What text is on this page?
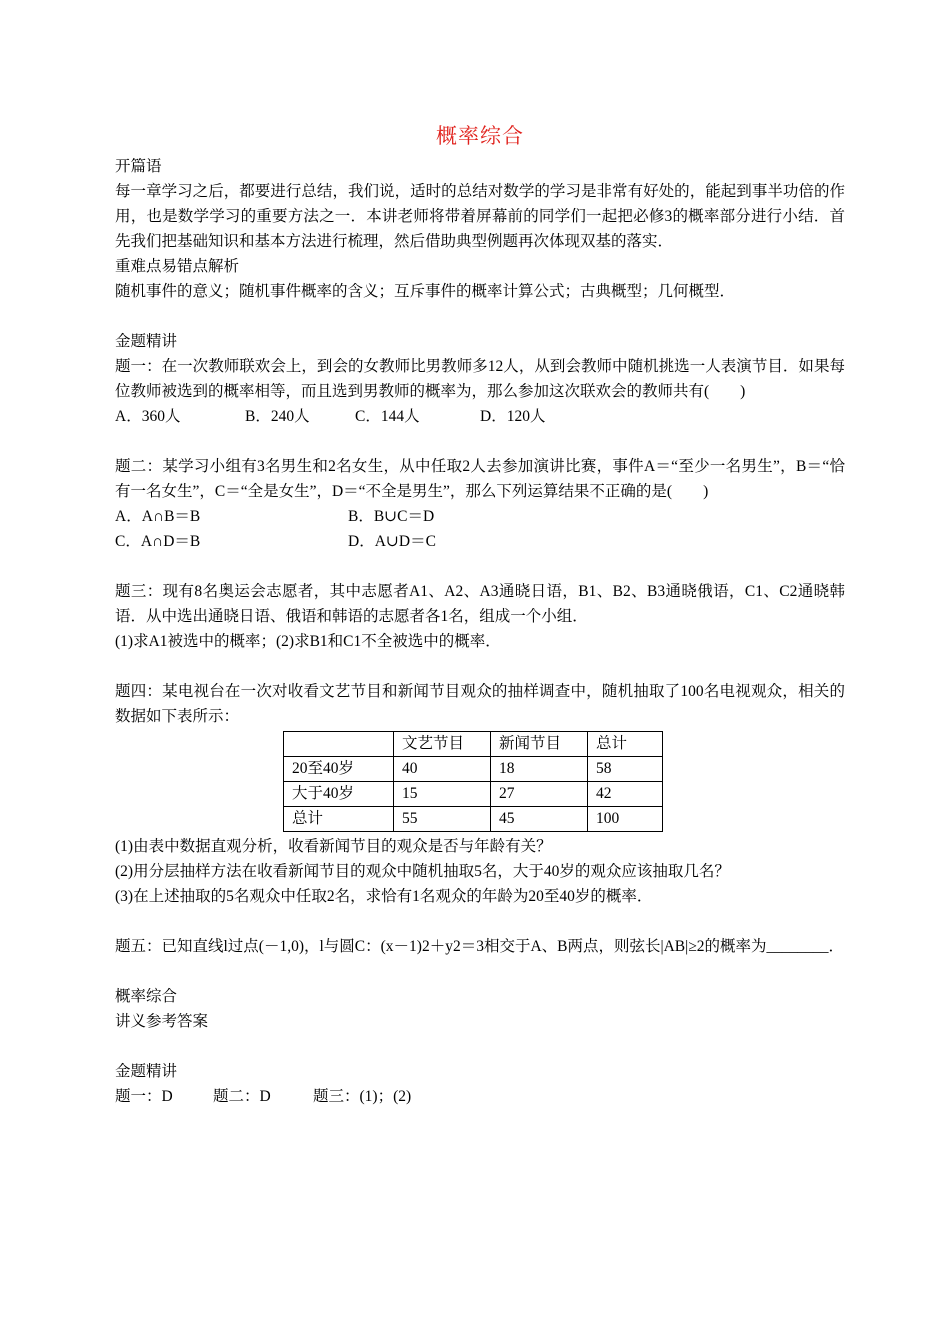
概率综合

开篇语

每一章学习之后，都要进行总结，我们说，适时的总结对数学的学习是非常有好处的，能起到事半功倍的作用，也是数学学习的重要方法之一．本讲老师将带着屏幕前的同学们一起把必修3的概率部分进行小结．首先我们把基础知识和基本方法进行梳理，然后借助典型例题再次体现双基的落实．

重难点易错点解析

随机事件的意义；随机事件概率的含义；互斥事件的概率计算公式；古典概型；几何概型．

金题精讲

题一：在一次教师联欢会上，到会的女教师比男教师多12人，从到会教师中随机挑选一人表演节目．如果每位教师被选到的概率相等，而且选到男教师的概率为，那么参加这次联欢会的教师共有(　　)

A．360人	B．240人	C．144人	D．120人

题二：某学习小组有3名男生和2名女生，从中任取2人去参加演讲比赛，事件A＝“至少一名男生”，B＝“恰有一名女生”，C＝“全是女生”，D＝“不全是男生”，那么下列运算结果不正确的是(　　)

A．A∩B＝B	B．B∪C＝D
C．A∩D＝B	D．A∪D＝C

题三：现有8名奥运会志愿者，其中志愿者A1、A2、A3通晓日语，B1、B2、B3通晓俄语，C1、C2通晓韩语．从中选出通晓日语、俄语和韩语的志愿者各1名，组成一个小组．

(1)求A1被选中的概率；(2)求B1和C1不全被选中的概率．

题四：某电视台在一次对收看文艺节目和新闻节目观众的抽样调查中，随机抽取了100名电视观众，相关的数据如下表所示：

	文艺节目	新闻节目	总计
20至40岁	40	18	58
大于40岁	15	27	42
总计	55	45	100

(1)由表中数据直观分析，收看新闻节目的观众是否与年龄有关？

(2)用分层抽样方法在收看新闻节目的观众中随机抽取5名，大于40岁的观众应该抽取几名？

(3)在上述抽取的5名观众中任取2名，求恰有1名观众的年龄为20至40岁的概率．

题五：已知直线l过点(－1,0)，l与圆C：(x－1)2＋y2＝3相交于A、B两点，则弦长|AB|≥2的概率为________．

概率综合

讲义参考答案

金题精讲

题一：D	题二：D	题三：(1)；(2)
